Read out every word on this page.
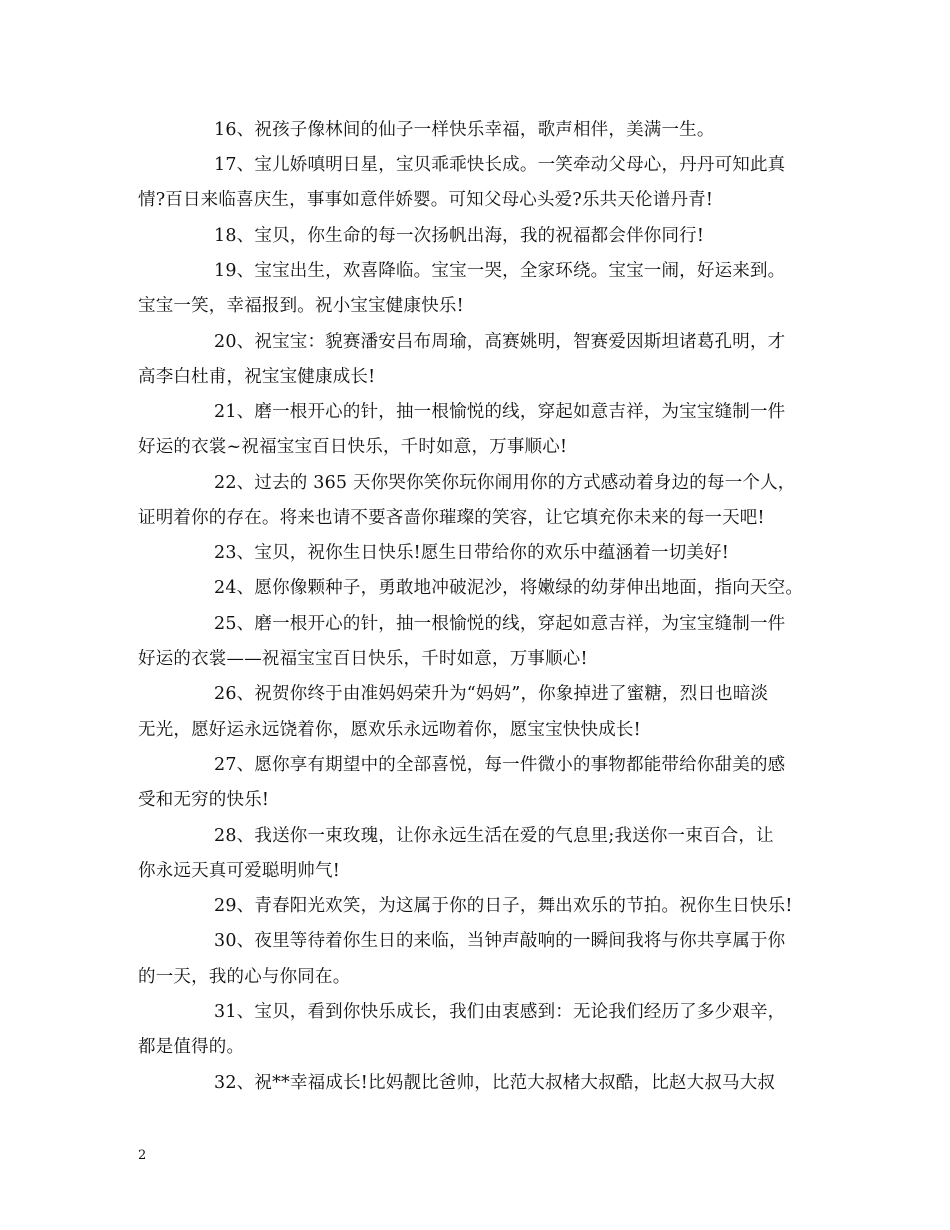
16、祝孩子像林间的仙子一样快乐幸福，歌声相伴，美满一生。
17、宝儿娇嗔明日星，宝贝乖乖快长成。一笑牵动父母心，丹丹可知此真
情?百日来临喜庆生，事事如意伴娇婴。可知父母心头爱?乐共天伦谱丹青!
18、宝贝，你生命的每一次扬帆出海，我的祝福都会伴你同行!
19、宝宝出生，欢喜降临。宝宝一哭，全家环绕。宝宝一闹，好运来到。
宝宝一笑，幸福报到。祝小宝宝健康快乐!
20、祝宝宝：貌赛潘安吕布周瑜，高赛姚明，智赛爱因斯坦诸葛孔明，才
高李白杜甫，祝宝宝健康成长!
21、磨一根开心的针，抽一根愉悦的线，穿起如意吉祥，为宝宝缝制一件
好运的衣裳~祝福宝宝百日快乐，千时如意，万事顺心!
22、过去的 365 天你哭你笑你玩你闹用你的方式感动着身边的每一个人，
证明着你的存在。将来也请不要吝啬你璀璨的笑容，让它填充你未来的每一天吧!
23、宝贝，祝你生日快乐!愿生日带给你的欢乐中蕴涵着一切美好!
24、愿你像颗种子，勇敢地冲破泥沙，将嫩绿的幼芽伸出地面，指向天空。
25、磨一根开心的针，抽一根愉悦的线，穿起如意吉祥，为宝宝缝制一件
好运的衣裳——祝福宝宝百日快乐，千时如意，万事顺心!
26、祝贺你终于由准妈妈荣升为“妈妈”，你象掉进了蜜糖，烈日也暗淡
无光，愿好运永远饶着你，愿欢乐永远吻着你，愿宝宝快快成长!
27、愿你享有期望中的全部喜悦，每一件微小的事物都能带给你甜美的感
受和无穷的快乐!
28、我送你一束玫瑰，让你永远生活在爱的气息里;我送你一束百合，让
你永远天真可爱聪明帅气!
29、青春阳光欢笑，为这属于你的日子，舞出欢乐的节拍。祝你生日快乐!
30、夜里等待着你生日的来临，当钟声敲响的一瞬间我将与你共享属于你
的一天，我的心与你同在。
31、宝贝，看到你快乐成长，我们由衷感到：无论我们经历了多少艰辛，
都是值得的。
32、祝**幸福成长!比妈靓比爸帅，比范大叔楮大叔酷，比赵大叔马大叔
2
